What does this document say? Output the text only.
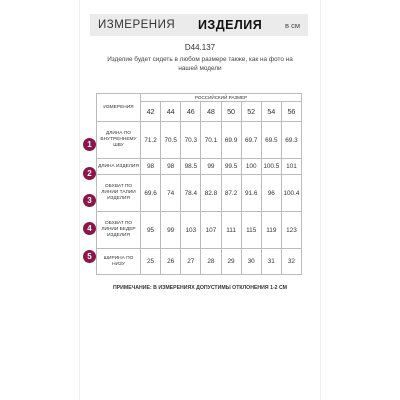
ИЗМЕРЕНИЯ ИЗДЕЛИЯ	в см
D44.137
Изделие будет сидеть в любом размере также, как на фото на нашей модели
ИЗМЕРЕНИЯ	РОССИЙСКИЙ РАЗМЕР							
	42	44	46	48	50	52	54	56
ДЛИНА ПО ВНУТРЕННЕМУ ШВУ	71.2	70.5	70.3	70.1	69.9	69.7	69.5	69.3
ДЛИНА ИЗДЕЛИЯ	98	98	98.5	99	99.5	100	100.5	101
ОБХВАТ ПО ЛИНИИ ТАЛИИ ИЗДЕЛИЯ	69.6	74	78.4	82.8	87.2	91.6	96	100.4
ОБХВАТ ПО ЛИНИИ БЕДЕР ИЗДЕЛИЯ	95	99	103	107	111	115	119	123
ШИРИНА ПО НИЗУ	25	26	27	28	29	30	31	32
1
2
3
4
5
ПРИМЕЧАНИЕ: В ИЗМЕРЕНИЯХ ДОПУСТИМЫ ОТКЛОНЕНИЯ 1-2 СМ
